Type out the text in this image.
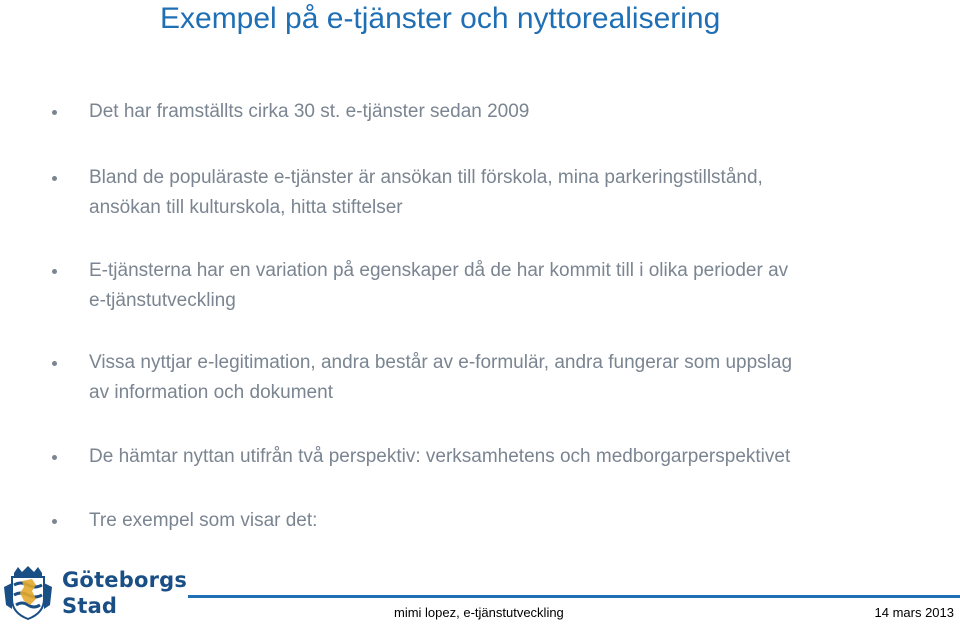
Exempel på e-tjänster och nyttorealisering
Det har framställts cirka 30 st. e-tjänster sedan 2009
Bland de populäraste e-tjänster är ansökan till förskola, mina parkeringstillstånd,
ansökan till kulturskola, hitta stiftelser
E-tjänsterna har en variation på egenskaper då de har kommit till i olika perioder av
e-tjänstutveckling
Vissa nyttjar e-legitimation, andra består av e-formulär, andra fungerar som uppslag
av information och dokument
De hämtar nyttan utifrån två perspektiv: verksamhetens och medborgarperspektivet
Tre exempel som visar det:
Göteborgs
Stad	mimi lopez, e-tjänstutveckling	14 mars 2013
